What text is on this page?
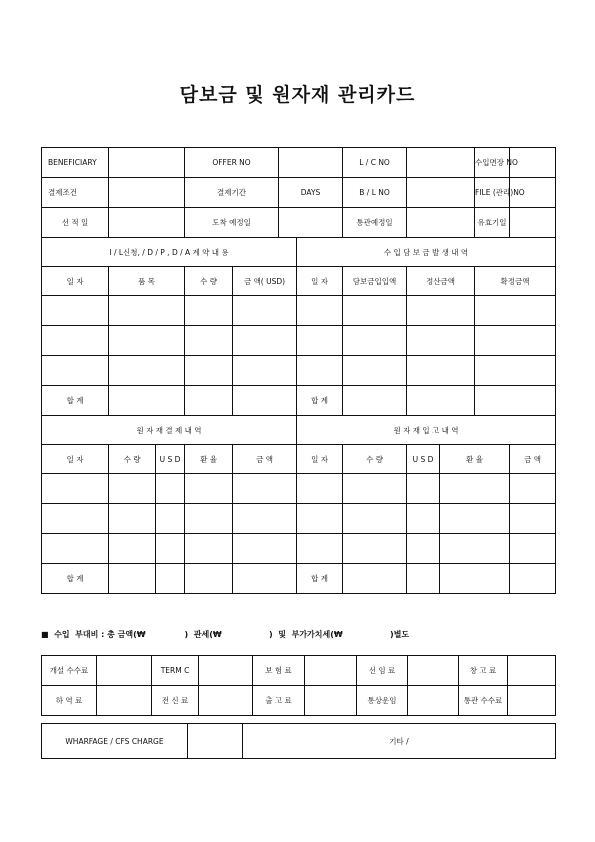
담보금 및 원자재 관리카드
BENEFICIARY			OFFER NO				L / C NO			수입면장 NO	
결제조건			결제기간		DAYS		B / L NO			FILE (관리)NO	
선 적 일			도착 예정일				통관예정일			유효기일	
I / L신청, / D / P , D / A 계 약 내 용						수 입 담 보 금 발 생 내 역					
일 자	품 목		수 량	금 액( USD)		일 자	담보금입입액	정산금액		확정금액	

합 계						합 계					
원 자 재 결 제 내 역						원 자 재 입 고 내 역					
일 자	수 량	U S D	환 율	금 액		일 자	수 량	U S D	환 율		금 액

합 계						합 계					
■  수입  부대비 : 총 금액(₩              )  관세(₩                 )  및  부가가치세(₩                 )별도
개설 수수료		TERM C		보 험 료		선 임 료		창 고 료	
하 역 료		전 신 료		출 고 료		통상운임		통관 수수료	
WHARFAGE / CFS CHARGE		기타 /
